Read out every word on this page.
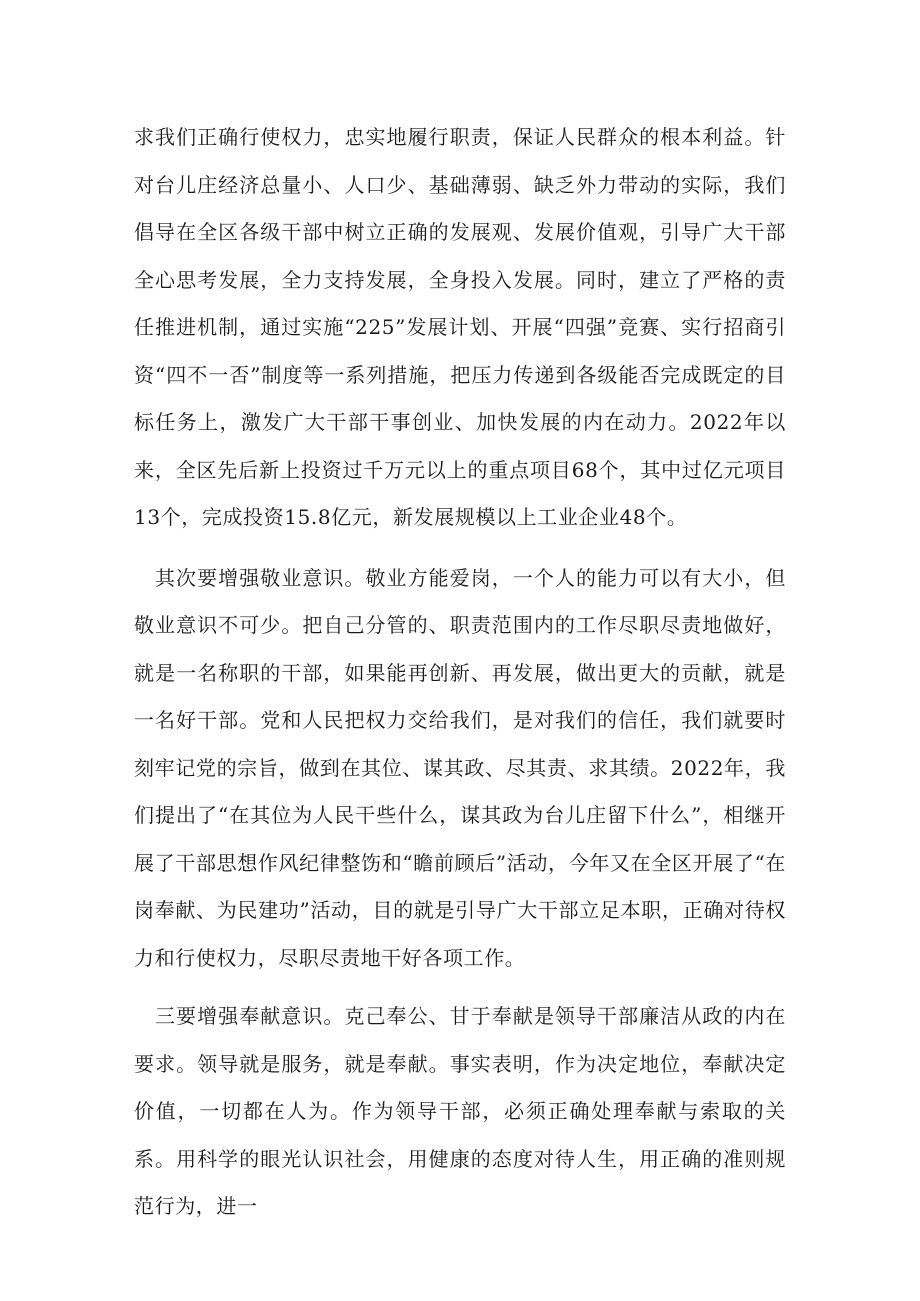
求我们正确行使权力，忠实地履行职责，保证人民群众的根本利益。针对台儿庄经济总量小、人口少、基础薄弱、缺乏外力带动的实际，我们倡导在全区各级干部中树立正确的发展观、发展价值观，引导广大干部全心思考发展，全力支持发展，全身投入发展。同时，建立了严格的责任推进机制，通过实施“225”发展计划、开展“四强”竞赛、实行招商引资“四不一否”制度等一系列措施，把压力传递到各级能否完成既定的目标任务上，激发广大干部干事创业、加快发展的内在动力。2022年以来，全区先后新上投资过千万元以上的重点项目68个，其中过亿元项目13个，完成投资15.8亿元，新发展规模以上工业企业48个。

其次要增强敬业意识。敬业方能爱岗，一个人的能力可以有大小，但敬业意识不可少。把自己分管的、职责范围内的工作尽职尽责地做好，就是一名称职的干部，如果能再创新、再发展，做出更大的贡献，就是一名好干部。党和人民把权力交给我们，是对我们的信任，我们就要时刻牢记党的宗旨，做到在其位、谋其政、尽其责、求其绩。2022年，我们提出了“在其位为人民干些什么，谋其政为台儿庄留下什么”，相继开展了干部思想作风纪律整饬和“瞻前顾后”活动，今年又在全区开展了“在岗奉献、为民建功”活动，目的就是引导广大干部立足本职，正确对待权力和行使权力，尽职尽责地干好各项工作。

三要增强奉献意识。克己奉公、甘于奉献是领导干部廉洁从政的内在要求。领导就是服务，就是奉献。事实表明，作为决定地位，奉献决定价值，一切都在人为。作为领导干部，必须正确处理奉献与索取的关系。用科学的眼光认识社会，用健康的态度对待人生，用正确的准则规范行为，进一
